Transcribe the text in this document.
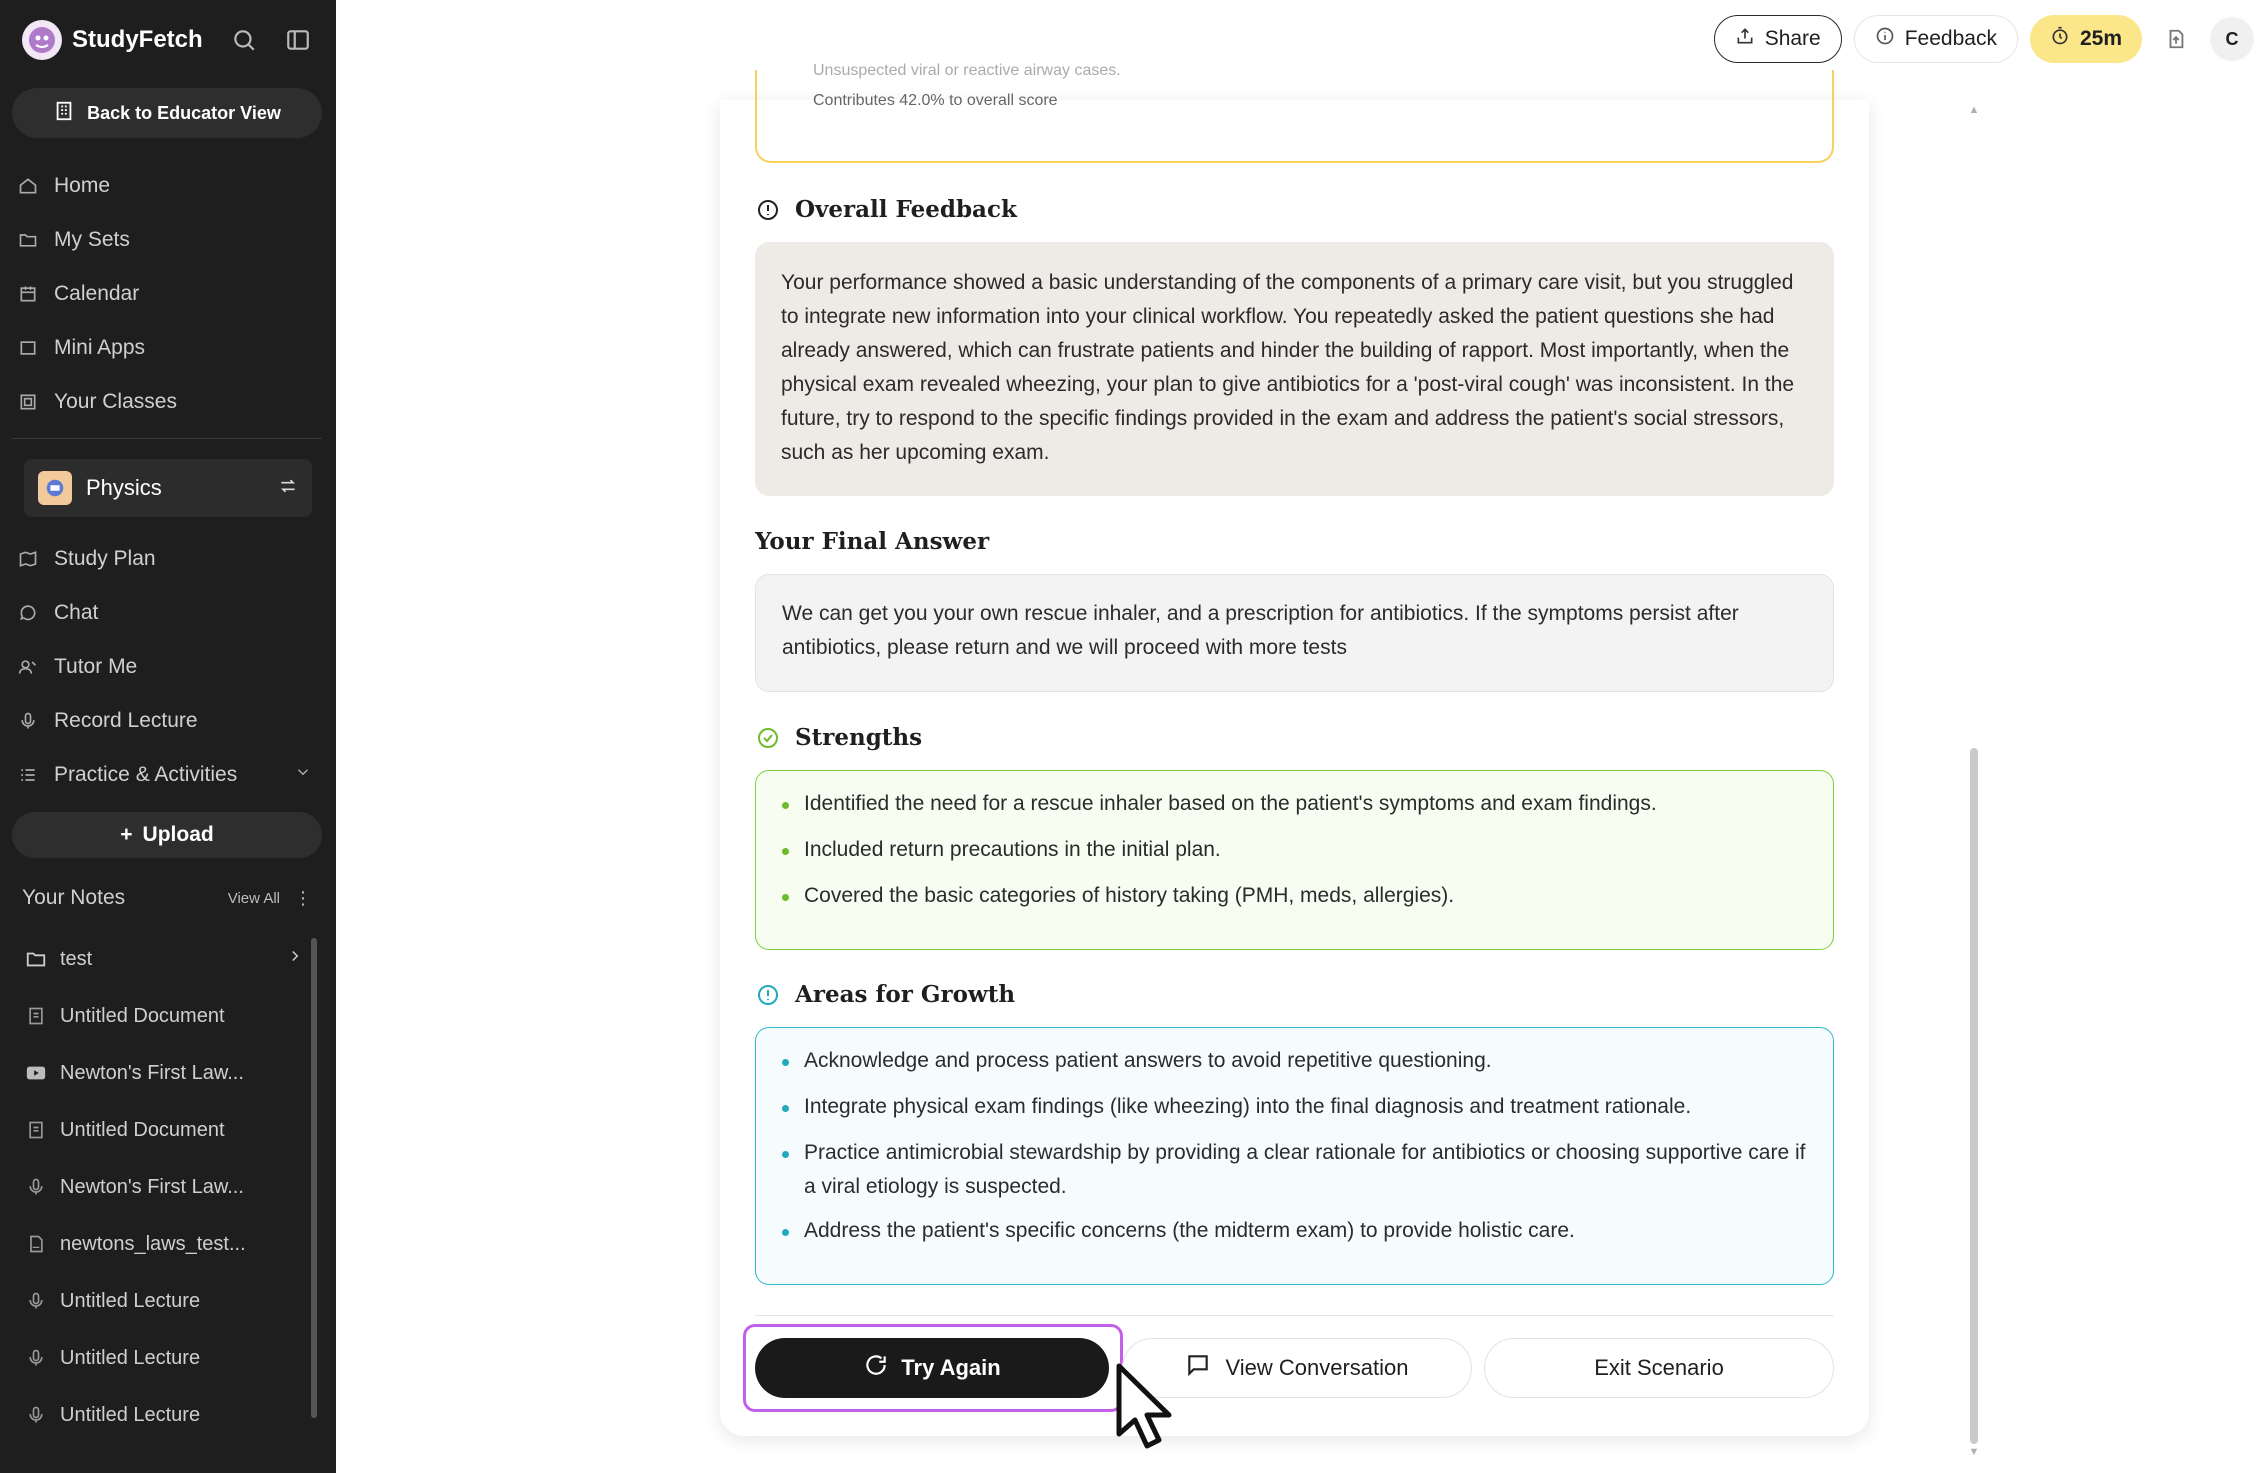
StudyFetch
Back to Educator View
Home
My Sets
Calendar
Mini Apps
Your Classes
Physics
Study Plan
Chat
Tutor Me
Record Lecture
Practice & Activities
+ Upload
Your Notes	View All ⋮
test
Untitled Document
Newton's First Law...
Untitled Document
Newton's First Law...
newtons_laws_test...
Untitled Lecture
Untitled Lecture
Untitled Lecture
Share	Feedback	25m	C
Unsuspected viral or reactive airway cases.
Contributes 42.0% to overall score
Overall Feedback
Your performance showed a basic understanding of the components of a primary care visit, but you struggled to integrate new information into your clinical workflow. You repeatedly asked the patient questions she had already answered, which can frustrate patients and hinder the building of rapport. Most importantly, when the physical exam revealed wheezing, your plan to give antibiotics for a 'post-viral cough' was inconsistent. In the future, try to respond to the specific findings provided in the exam and address the patient's social stressors, such as her upcoming exam.
Your Final Answer
We can get you your own rescue inhaler, and a prescription for antibiotics. If the symptoms persist after antibiotics, please return and we will proceed with more tests
Strengths
Identified the need for a rescue inhaler based on the patient's symptoms and exam findings.
Included return precautions in the initial plan.
Covered the basic categories of history taking (PMH, meds, allergies).
Areas for Growth
Acknowledge and process patient answers to avoid repetitive questioning.
Integrate physical exam findings (like wheezing) into the final diagnosis and treatment rationale.
Practice antimicrobial stewardship by providing a clear rationale for antibiotics or choosing supportive care if a viral etiology is suspected.
Address the patient's specific concerns (the midterm exam) to provide holistic care.
Try Again	View Conversation	Exit Scenario
▲
▼
